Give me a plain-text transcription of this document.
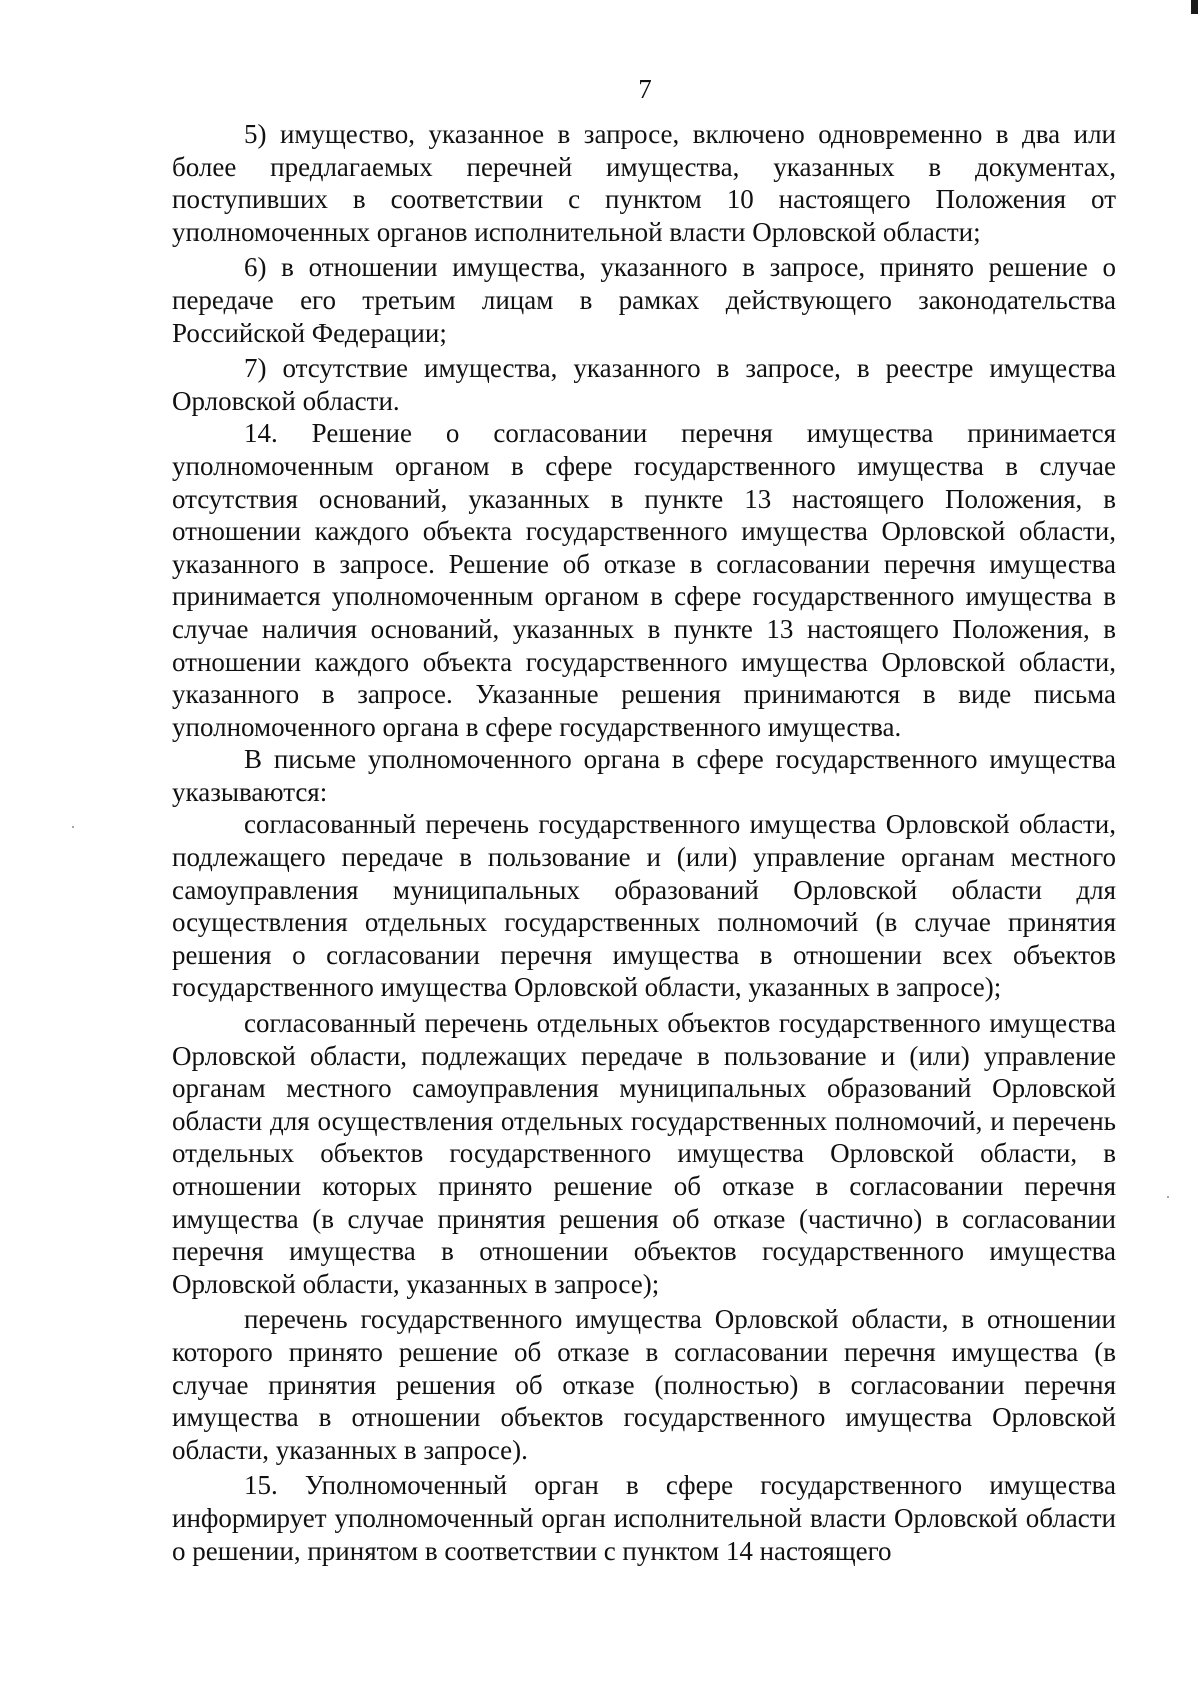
7

5) имущество, указанное в запросе, включено одновременно в два или более предлагаемых перечней имущества, указанных в документах, поступивших в соответствии с пунктом 10 настоящего Положения от уполномоченных органов исполнительной власти Орловской области;

6) в отношении имущества, указанного в запросе, принято решение о передаче его третьим лицам в рамках действующего законодательства Российской Федерации;

7) отсутствие имущества, указанного в запросе, в реестре имущества Орловской области.

14. Решение о согласовании перечня имущества принимается уполномоченным органом в сфере государственного имущества в случае отсутствия оснований, указанных в пункте 13 настоящего Положения, в отношении каждого объекта государственного имущества Орловской области, указанного в запросе. Решение об отказе в согласовании перечня имущества принимается уполномоченным органом в сфере государственного имущества в случае наличия оснований, указанных в пункте 13 настоящего Положения, в отношении каждого объекта государственного имущества Орловской области, указанного в запросе. Указанные решения принимаются в виде письма уполномоченного органа в сфере государственного имущества.

В письме уполномоченного органа в сфере государственного имущества указываются:

согласованный перечень государственного имущества Орловской области, подлежащего передаче в пользование и (или) управление органам местного самоуправления муниципальных образований Орловской области для осуществления отдельных государственных полномочий (в случае принятия решения о согласовании перечня имущества в отношении всех объектов государственного имущества Орловской области, указанных в запросе);

согласованный перечень отдельных объектов государственного имущества Орловской области, подлежащих передаче в пользование и (или) управление органам местного самоуправления муниципальных образований Орловской области для осуществления отдельных государственных полномочий, и перечень отдельных объектов государственного имущества Орловской области, в отношении которых принято решение об отказе в согласовании перечня имущества (в случае принятия решения об отказе (частично) в согласовании перечня имущества в отношении объектов государственного имущества Орловской области, указанных в запросе);

перечень государственного имущества Орловской области, в отношении которого принято решение об отказе в согласовании перечня имущества (в случае принятия решения об отказе (полностью) в согласовании перечня имущества в отношении объектов государственного имущества Орловской области, указанных в запросе).

15. Уполномоченный орган в сфере государственного имущества информирует уполномоченный орган исполнительной власти Орловской области о решении, принятом в соответствии с пунктом 14 настоящего
